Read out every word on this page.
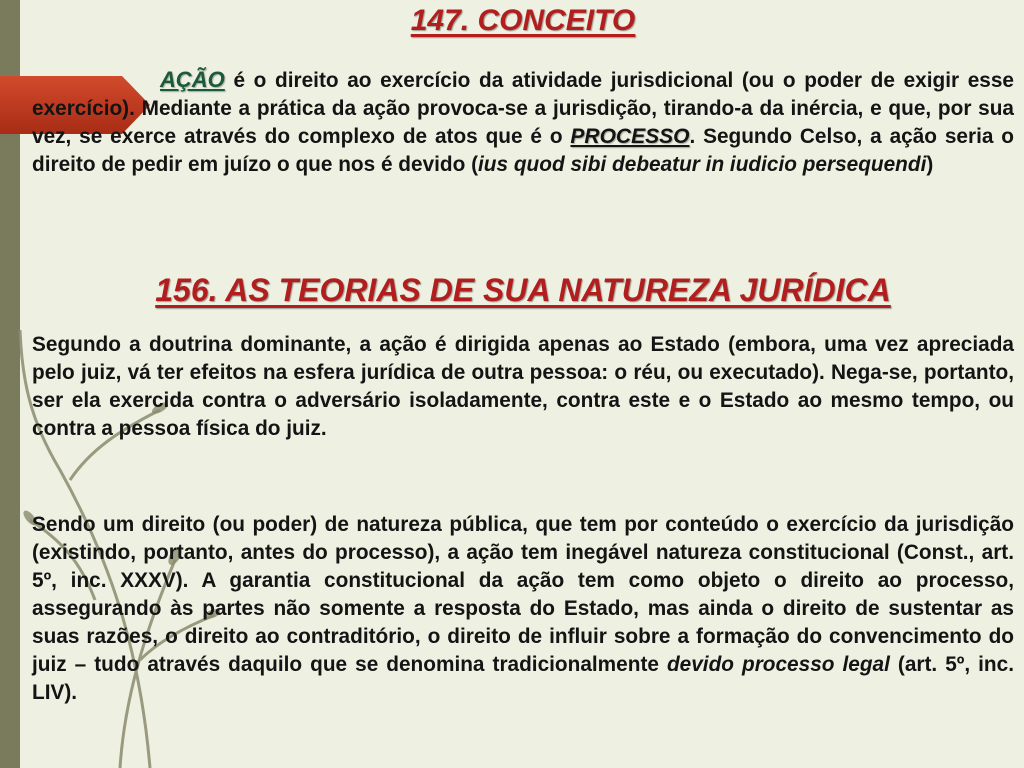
147. CONCEITO

AÇÃO é o direito ao exercício da atividade jurisdicional (ou o poder de exigir esse exercício). Mediante a prática da ação provoca-se a jurisdição, tirando-a da inércia, e que, por sua vez, se exerce através do complexo de atos que é o PROCESSO. Segundo Celso, a ação seria o direito de pedir em juízo o que nos é devido (ius quod sibi debeatur in iudicio persequendi)

156. AS TEORIAS DE SUA NATUREZA JURÍDICA

Segundo a doutrina dominante, a ação é dirigida apenas ao Estado (embora, uma vez apreciada pelo juiz, vá ter efeitos na esfera jurídica de outra pessoa: o réu, ou executado). Nega-se, portanto, ser ela exercida contra o adversário isoladamente, contra este e o Estado ao mesmo tempo, ou contra a pessoa física do juiz.

Sendo um direito (ou poder) de natureza pública, que tem por conteúdo o exercício da jurisdição (existindo, portanto, antes do processo), a ação tem inegável natureza constitucional (Const., art. 5º, inc. XXXV). A garantia constitucional da ação tem como objeto o direito ao processo, assegurando às partes não somente a resposta do Estado, mas ainda o direito de sustentar as suas razões, o direito ao contraditório, o direito de influir sobre a formação do convencimento do juiz – tudo através daquilo que se denomina tradicionalmente devido processo legal (art. 5º, inc. LIV).
